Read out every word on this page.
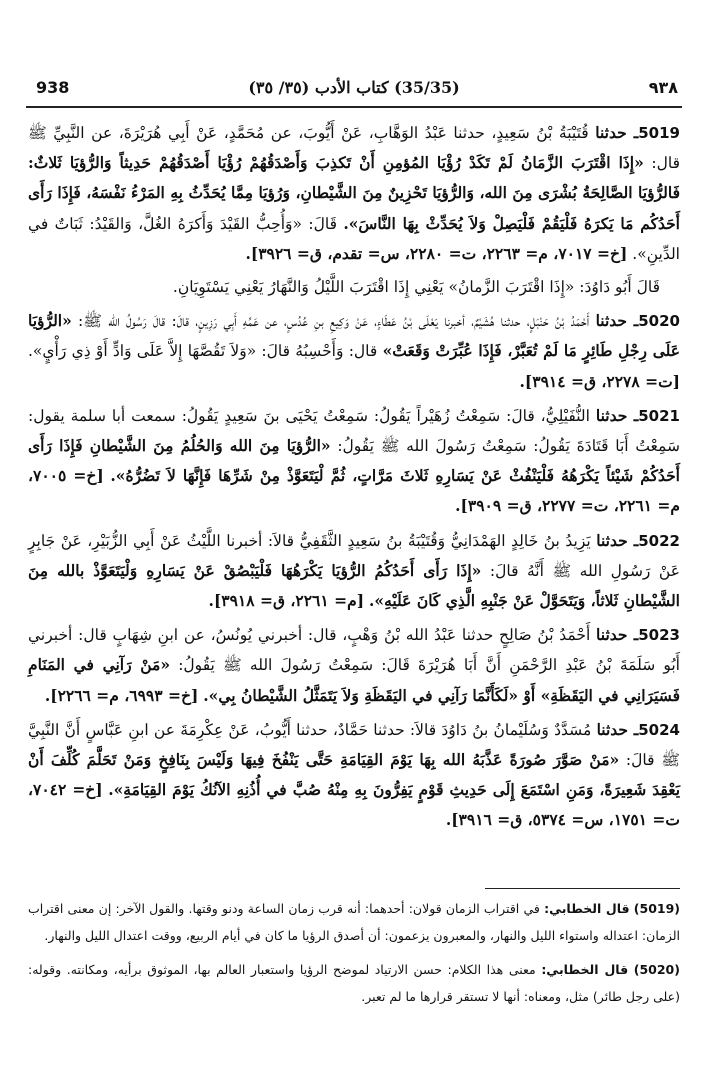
938	(35/35) كتاب الأدب (٣٥/ ٣٥)	٩٣٨

5019ـ حدثنا قُتَيْبَةُ بْنُ سَعِيدٍ، حدثنا عَبْدُ الوَهَّابِ، عَنْ أَيُّوبَ، عن مُحَمَّدٍ، عَنْ أَبِي هُرَيْرَةَ، عن النَّبِيِّ ﷺ قال: «إِذَا اقْتَرَبَ الزَّمَانُ لَمْ تَكَدْ رُؤْيَا المُؤمِنِ أَنْ تَكذِبَ وَأَصْدَقُهُمْ رُؤْيَا أَصْدَقُهُمْ حَدِيثاً وَالرُّؤيَا ثَلاثٌ: فَالرُّؤيَا الصَّالِحَةُ بُشْرَى مِنَ الله، وَالرُّؤيَا تَحْزِينٌ مِنَ الشَّيْطانِ، وَرُؤيَا مِمَّا يُحَدِّثُ بِهِ المَرْءُ نَفْسَهُ، فَإِذَا رَأَى أَحَدُكُم مَا يَكرَهُ فَلْيَقُمْ فَلْيَصِلْ وَلاَ يُحَدِّثْ بِهَا النَّاسَ». قَالَ: «وَأُحِبُّ القَيْدَ وَأَكرَهُ الغُلَّ، وَالقَيْدُ: ثَبَاتٌ في الدِّينِ». [خ= ٧٠١٧، م= ٢٢٦٣، ت= ٢٢٨٠، س= تقدم، ق= ٣٩٢٦].

قَالَ أَبُو دَاوُدَ: «إِذَا اقْتَرَبَ الزَّمانُ» يَعْنِي إِذَا اقْتَرَبَ اللَّيْلُ وَالنَّهَارُ يَعْنِي يَسْتَوِيَانِ.

5020ـ حدثنا أَحْمَدُ بْنُ حَنْبَلٍ، حدثنا هُشَيْمٌ، أخبرنا يَعْلَى بْنُ عَطَاءٍ، عَنْ وَكِيعِ بنِ عُدُسٍ، عن عَمِّهِ أَبِي رَزِينٍ، قالَ: قالَ رَسُولُ الله ﷺ: «الرُّؤيَا عَلَى رِجْلِ طَائِرٍ مَا لَمْ تُعَبَّرْ، فَإِذَا عُبِّرَتْ وَقَعَتْ» قال: وَأَحْسِبُهُ قالَ: «وَلاَ تَقُصَّهَا إِلاَّ عَلَى وَادٍّ أَوْ ذِي رَأْيٍ». [ت= ٢٢٧٨، ق= ٣٩١٤].

5021ـ حدثنا النُّفَيْلِيُّ، قالَ: سَمِعْتُ زُهَيْراً يَقُولُ: سَمِعْتُ يَحْيَى بنَ سَعِيدٍ يَقُولُ: سمعت أبا سلمة يقول: سَمِعْتُ أَبَا قَتَادَةَ يَقُولُ: سَمِعْتُ رَسُولَ الله ﷺ يَقُولُ: «الرُّؤيَا مِنَ الله وَالحُلُمُ مِنَ الشَّيْطانِ فَإِذَا رَأَى أَحَدُكُمْ شَيْئاً يَكْرَهُهُ فَلْيَنْفُثْ عَنْ يَسَارِهِ ثَلاثَ مَرَّاتٍ، ثُمَّ لْيَتَعَوَّذْ مِنْ شَرِّهَا فَإِنَّهَا لاَ تَضُرُّهُ». [خ= ٧٠٠٥، م= ٢٢٦١، ت= ٢٢٧٧، ق= ٣٩٠٩].

5022ـ حدثنا يَزِيدُ بنُ خَالِدٍ الهَمْدَانِيُّ وَقُتَيْبَةُ بنُ سَعِيدٍ الثَّقَفِيُّ قالاَ: أخبرنا اللَّيْثُ عَنْ أَبِي الزُّبَيْرِ، عَنْ جَابِرٍ عَنْ رَسُولِ الله ﷺ أَنَّهُ قالَ: «إِذَا رَأَى أَحَدُكُمُ الرُّؤيَا يَكْرَهُهَا فَلْيَبْصُقْ عَنْ يَسَارِهِ وَلْيَتَعَوَّذْ بالله مِنَ الشَّيْطانِ ثَلاثاً، وَيَتَحَوَّلْ عَنْ جَنْبِهِ الَّذِي كَانَ عَلَيْهِ». [م= ٢٢٦١، ق= ٣٩١٨].

5023ـ حدثنا أَحْمَدُ بْنُ صَالِحٍ حدثنا عَبْدُ الله بْنُ وَهْبٍ، قال: أخبرني يُونُسُ، عن ابنِ شِهَابٍ قال: أخبرني أَبُو سَلَمَةَ بْنُ عَبْدِ الرَّحْمَنِ أَنَّ أَبَا هُرَيْرَةَ قَالَ: سَمِعْتُ رَسُولَ الله ﷺ يَقُولُ: «مَنْ رَآنِي في المَنَامِ فَسَيَرَانِي في اليَقَظَةِ» أَوْ «لَكَأَنَّمَا رَآنِي في اليَقَظَةِ وَلاَ يَتَمَثَّلُ الشَّيْطانُ بِي». [خ= ٦٩٩٣، م= ٢٢٦٦].

5024ـ حدثنا مُسَدَّدٌ وَسُلَيْمانُ بنُ دَاوُدَ قالاَ: حدثنا حَمَّادٌ، حدثنا أَيُّوبُ، عَنْ عِكْرِمَةَ عن ابنِ عَبَّاسٍ أَنَّ النَّبِيَّ ﷺ قالَ: «مَنْ صَوَّرَ صُورَةً عَذَّبَهُ الله بِهَا يَوْمَ القِيَامَةِ حَتَّى يَنْفُخَ فِيهَا وَلَيْسَ بِنَافِخٍ وَمَنْ تَحَلَّمَ كُلِّفَ أَنْ يَعْقِدَ شَعِيرَةً، وَمَنِ اسْتَمَعَ إِلَى حَدِيثِ قَوْمٍ يَفِرُّونَ بِهِ مِنْهُ صُبَّ في أُذُنِهِ الآنُكُ يَوْمَ القِيَامَةِ». [خ= ٧٠٤٢، ت= ١٧٥١، س= ٥٣٧٤، ق= ٣٩١٦].

(5019) قال الخطابي: في اقتراب الزمان قولان: أحدهما: أنه قرب زمان الساعة ودنو وقتها. والقول الآخر: إن معنى اقتراب الزمان: اعتداله واستواء الليل والنهار، والمعبرون يزعمون: أن أصدق الرؤيا ما كان في أيام الربيع، ووقت اعتدال الليل والنهار.

(5020) قال الخطابي: معنى هذا الكلام: حسن الارتياد لموضح الرؤيا واستعبار العالم بها، الموثوق برأيه، ومكانته. وقوله: (على رجل طائر) مثل، ومعناه: أنها لا تستقر قرارها ما لم تعبر.
